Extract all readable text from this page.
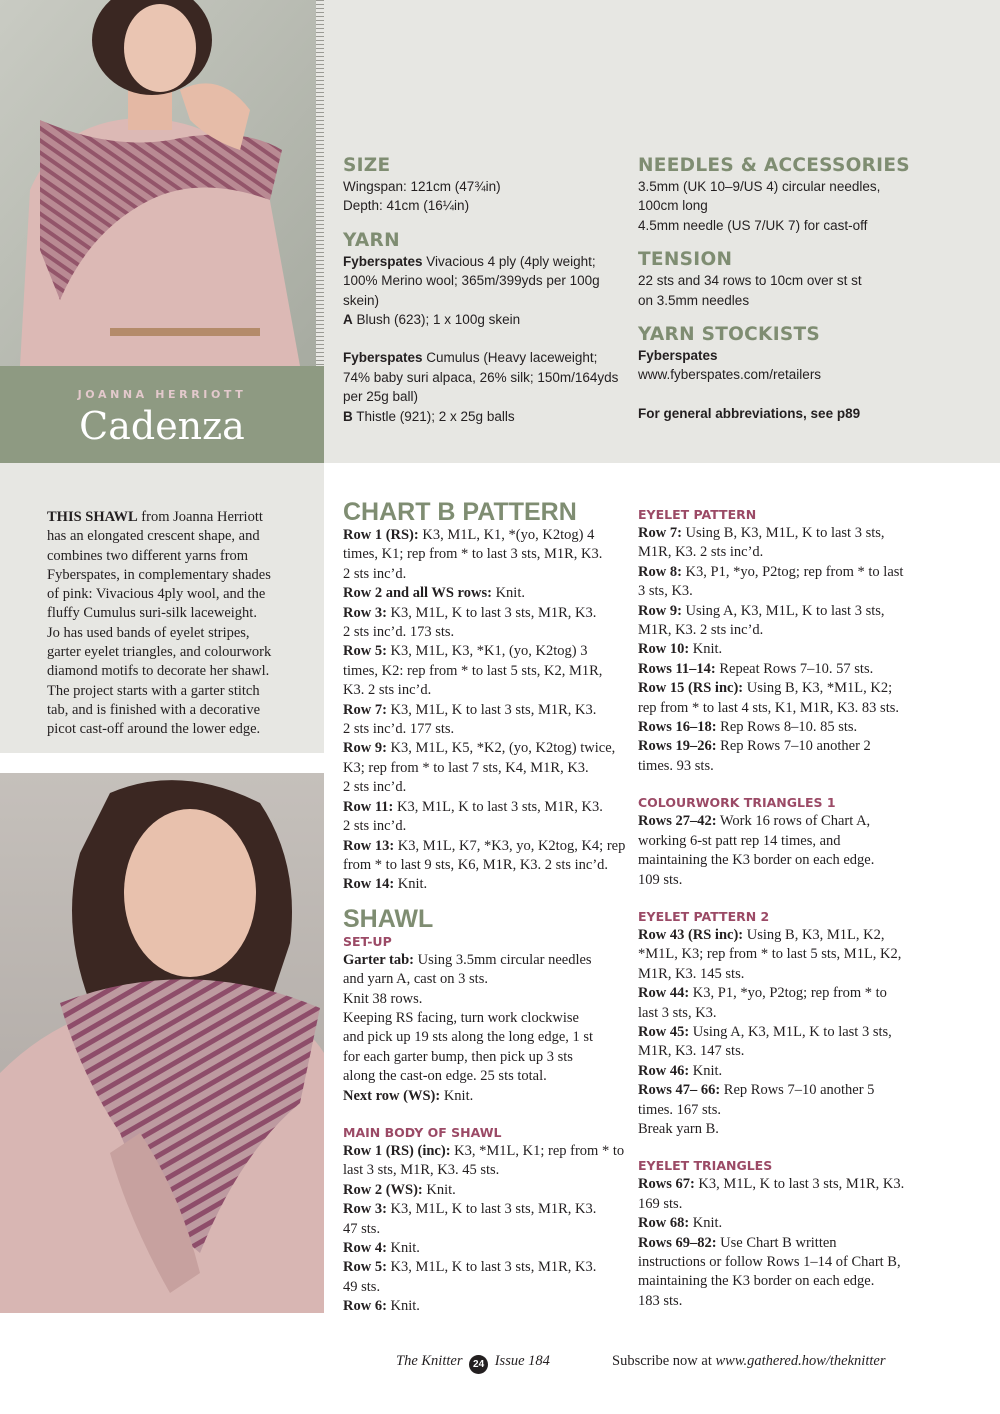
JOANNA HERRIOTT
Cadenza
SIZE
Wingspan: 121cm (47¾in)
Depth: 41cm (16¼in)
YARN
Fyberspates Vivacious 4 ply (4ply weight;
100% Merino wool; 365m/399yds per 100g
skein)
A Blush (623); 1 x 100g skein
Fyberspates Cumulus (Heavy laceweight;
74% baby suri alpaca, 26% silk; 150m/164yds
per 25g ball)
B Thistle (921); 2 x 25g balls
NEEDLES & ACCESSORIES
3.5mm (UK 10–9/US 4) circular needles,
100cm long
4.5mm needle (US 7/UK 7) for cast-off
TENSION
22 sts and 34 rows to 10cm over st st
on 3.5mm needles
YARN STOCKISTS
Fyberspates
www.fyberspates.com/retailers
For general abbreviations, see p89
THIS SHAWL from Joanna Herriott
has an elongated crescent shape, and
combines two different yarns from
Fyberspates, in complementary shades
of pink: Vivacious 4ply wool, and the
fluffy Cumulus suri-silk laceweight.
Jo has used bands of eyelet stripes,
garter eyelet triangles, and colourwork
diamond motifs to decorate her shawl.
The project starts with a garter stitch
tab, and is finished with a decorative
picot cast-off around the lower edge.
CHART B PATTERN
Row 1 (RS): K3, M1L, K1, *(yo, K2tog) 4
times, K1; rep from * to last 3 sts, M1R, K3.
2 sts inc’d.
Row 2 and all WS rows: Knit.
Row 3: K3, M1L, K to last 3 sts, M1R, K3.
2 sts inc’d. 173 sts.
Row 5: K3, M1L, K3, *K1, (yo, K2tog) 3
times, K2: rep from * to last 5 sts, K2, M1R,
K3. 2 sts inc’d.
Row 7: K3, M1L, K to last 3 sts, M1R, K3.
2 sts inc’d. 177 sts.
Row 9: K3, M1L, K5, *K2, (yo, K2tog) twice,
K3; rep from * to last 7 sts, K4, M1R, K3.
2 sts inc’d.
Row 11: K3, M1L, K to last 3 sts, M1R, K3.
2 sts inc’d.
Row 13: K3, M1L, K7, *K3, yo, K2tog, K4; rep
from * to last 9 sts, K6, M1R, K3. 2 sts inc’d.
Row 14: Knit.
SHAWL
SET-UP
Garter tab: Using 3.5mm circular needles
and yarn A, cast on 3 sts.
Knit 38 rows.
Keeping RS facing, turn work clockwise
and pick up 19 sts along the long edge, 1 st
for each garter bump, then pick up 3 sts
along the cast-on edge. 25 sts total.
Next row (WS): Knit.
MAIN BODY OF SHAWL
Row 1 (RS) (inc): K3, *M1L, K1; rep from * to
last 3 sts, M1R, K3. 45 sts.
Row 2 (WS): Knit.
Row 3: K3, M1L, K to last 3 sts, M1R, K3.
47 sts.
Row 4: Knit.
Row 5: K3, M1L, K to last 3 sts, M1R, K3.
49 sts.
Row 6: Knit.
EYELET PATTERN
Row 7: Using B, K3, M1L, K to last 3 sts,
M1R, K3. 2 sts inc’d.
Row 8: K3, P1, *yo, P2tog; rep from * to last
3 sts, K3.
Row 9: Using A, K3, M1L, K to last 3 sts,
M1R, K3. 2 sts inc’d.
Row 10: Knit.
Rows 11–14: Repeat Rows 7–10. 57 sts.
Row 15 (RS inc): Using B, K3, *M1L, K2;
rep from * to last 4 sts, K1, M1R, K3. 83 sts.
Rows 16–18: Rep Rows 8–10. 85 sts.
Rows 19–26: Rep Rows 7–10 another 2
times. 93 sts.
COLOURWORK TRIANGLES 1
Rows 27–42: Work 16 rows of Chart A,
working 6-st patt rep 14 times, and
maintaining the K3 border on each edge.
109 sts.
EYELET PATTERN 2
Row 43 (RS inc): Using B, K3, M1L, K2,
*M1L, K3; rep from * to last 5 sts, M1L, K2,
M1R, K3. 145 sts.
Row 44: K3, P1, *yo, P2tog; rep from * to
last 3 sts, K3.
Row 45: Using A, K3, M1L, K to last 3 sts,
M1R, K3. 147 sts.
Row 46: Knit.
Rows 47– 66: Rep Rows 7–10 another 5
times. 167 sts.
Break yarn B.
EYELET TRIANGLES
Rows 67: K3, M1L, K to last 3 sts, M1R, K3.
169 sts.
Row 68: Knit.
Rows 69–82: Use Chart B written
instructions or follow Rows 1–14 of Chart B,
maintaining the K3 border on each edge.
183 sts.
The Knitter 24 Issue 184	Subscribe now at www.gathered.how/theknitter
